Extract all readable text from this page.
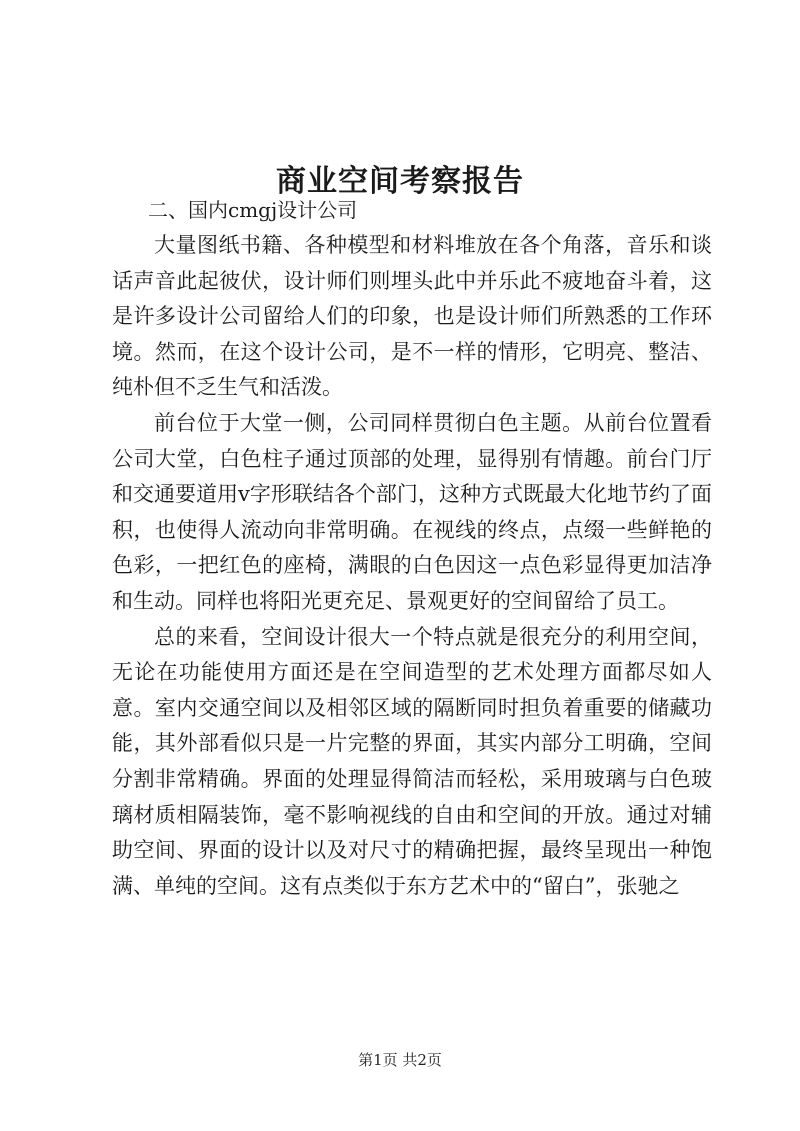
商业空间考察报告

二、国内cmgj设计公司

大量图纸书籍、各种模型和材料堆放在各个角落，音乐和谈话声音此起彼伏，设计师们则埋头此中并乐此不疲地奋斗着，这是许多设计公司留给人们的印象，也是设计师们所熟悉的工作环境。然而，在这个设计公司，是不一样的情形，它明亮、整洁、纯朴但不乏生气和活泼。

前台位于大堂一侧，公司同样贯彻白色主题。从前台位置看公司大堂，白色柱子通过顶部的处理，显得别有情趣。前台门厅和交通要道用v字形联结各个部门，这种方式既最大化地节约了面积，也使得人流动向非常明确。在视线的终点，点缀一些鲜艳的色彩，一把红色的座椅，满眼的白色因这一点色彩显得更加洁净和生动。同样也将阳光更充足、景观更好的空间留给了员工。

总的来看，空间设计很大一个特点就是很充分的利用空间，无论在功能使用方面还是在空间造型的艺术处理方面都尽如人意。室内交通空间以及相邻区域的隔断同时担负着重要的储藏功能，其外部看似只是一片完整的界面，其实内部分工明确，空间分割非常精确。界面的处理显得简洁而轻松，采用玻璃与白色玻璃材质相隔装饰，毫不影响视线的自由和空间的开放。通过对辅助空间、界面的设计以及对尺寸的精确把握，最终呈现出一种饱满、单纯的空间。这有点类似于东方艺术中的“留白”，张驰之

第1页 共2页
